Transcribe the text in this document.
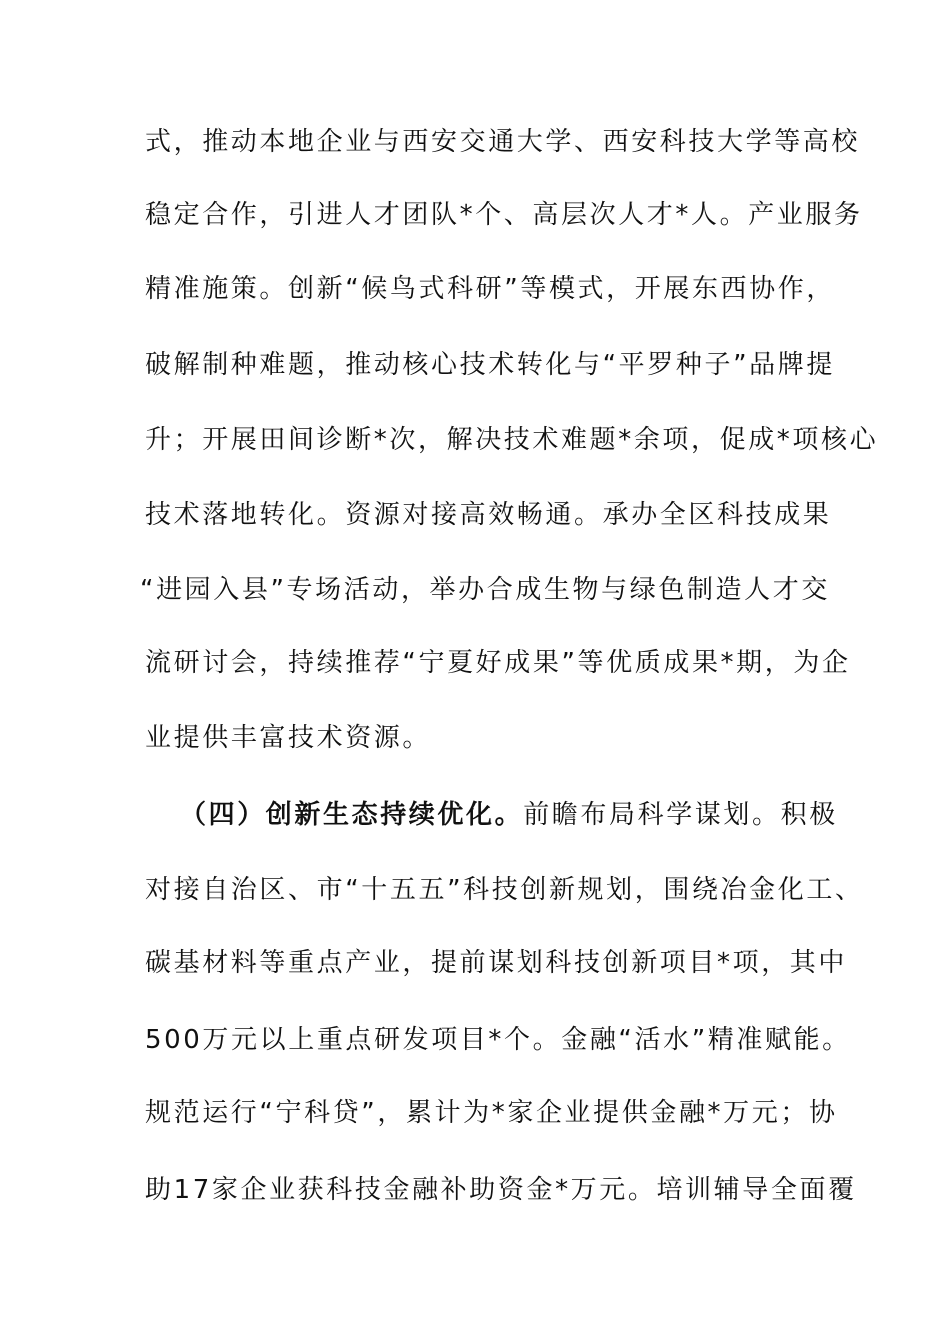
式，推动本地企业与西安交通大学、西安科技大学等高校
稳定合作，引进人才团队*个、高层次人才*人。产业服务
精准施策。创新“候鸟式科研”等模式，开展东西协作，
破解制种难题，推动核心技术转化与“平罗种子”品牌提
升；开展田间诊断*次，解决技术难题*余项，促成*项核心
技术落地转化。资源对接高效畅通。承办全区科技成果
“进园入县”专场活动，举办合成生物与绿色制造人才交
流研讨会，持续推荐“宁夏好成果”等优质成果*期，为企
业提供丰富技术资源。
（四）创新生态持续优化。前瞻布局科学谋划。积极
对接自治区、市“十五五”科技创新规划，围绕冶金化工、
碳基材料等重点产业，提前谋划科技创新项目*项，其中
500万元以上重点研发项目*个。金融“活水”精准赋能。
规范运行“宁科贷”，累计为*家企业提供金融*万元；协
助17家企业获科技金融补助资金*万元。培训辅导全面覆
